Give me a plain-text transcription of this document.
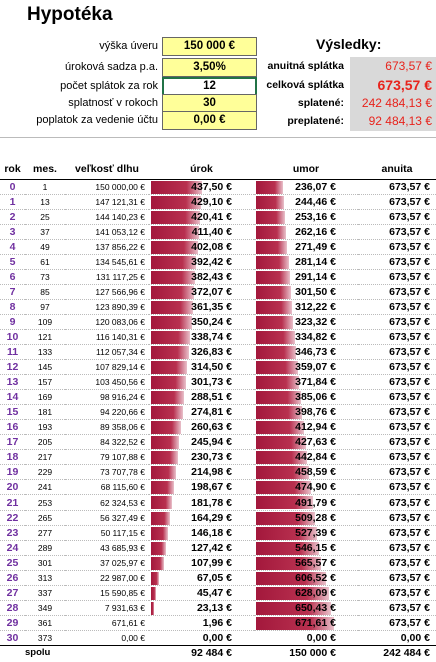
Hypotéka
výška úveru	150 000 €
úroková sadza p.a.	3,50%
počet splátok za rok	12
splatnosť v rokoch	30
poplatok za vedenie účtu	0,00 €
Výsledky:
anuitná splátka	673,57 €
celková splátka	673,57 €
splatené:	242 484,13 €
preplatené:	92 484,13 €
rok	mes.	veľkosť dlhu	úrok	umor	anuita
0	1	150 000,00 €	437,50 €	236,07 €	673,57 €
1	13	147 121,31 €	429,10 €	244,46 €	673,57 €
2	25	144 140,23 €	420,41 €	253,16 €	673,57 €
3	37	141 053,12 €	411,40 €	262,16 €	673,57 €
4	49	137 856,22 €	402,08 €	271,49 €	673,57 €
5	61	134 545,61 €	392,42 €	281,14 €	673,57 €
6	73	131 117,25 €	382,43 €	291,14 €	673,57 €
7	85	127 566,96 €	372,07 €	301,50 €	673,57 €
8	97	123 890,39 €	361,35 €	312,22 €	673,57 €
9	109	120 083,06 €	350,24 €	323,32 €	673,57 €
10	121	116 140,31 €	338,74 €	334,82 €	673,57 €
11	133	112 057,34 €	326,83 €	346,73 €	673,57 €
12	145	107 829,14 €	314,50 €	359,07 €	673,57 €
13	157	103 450,56 €	301,73 €	371,84 €	673,57 €
14	169	98 916,24 €	288,51 €	385,06 €	673,57 €
15	181	94 220,66 €	274,81 €	398,76 €	673,57 €
16	193	89 358,06 €	260,63 €	412,94 €	673,57 €
17	205	84 322,52 €	245,94 €	427,63 €	673,57 €
18	217	79 107,88 €	230,73 €	442,84 €	673,57 €
19	229	73 707,78 €	214,98 €	458,59 €	673,57 €
20	241	68 115,60 €	198,67 €	474,90 €	673,57 €
21	253	62 324,53 €	181,78 €	491,79 €	673,57 €
22	265	56 327,49 €	164,29 €	509,28 €	673,57 €
23	277	50 117,15 €	146,18 €	527,39 €	673,57 €
24	289	43 685,93 €	127,42 €	546,15 €	673,57 €
25	301	37 025,97 €	107,99 €	565,57 €	673,57 €
26	313	22 987,00 €	67,05 €	606,52 €	673,57 €
27	337	15 590,85 €	45,47 €	628,09 €	673,57 €
28	349	7 931,63 €	23,13 €	650,43 €	673,57 €
29	361	671,61 €	1,96 €	671,61 €	673,57 €
30	373	0,00 €	0,00 €	0,00 €	0,00 €
	spolu		92 484 €	150 000 €	242 484 €
